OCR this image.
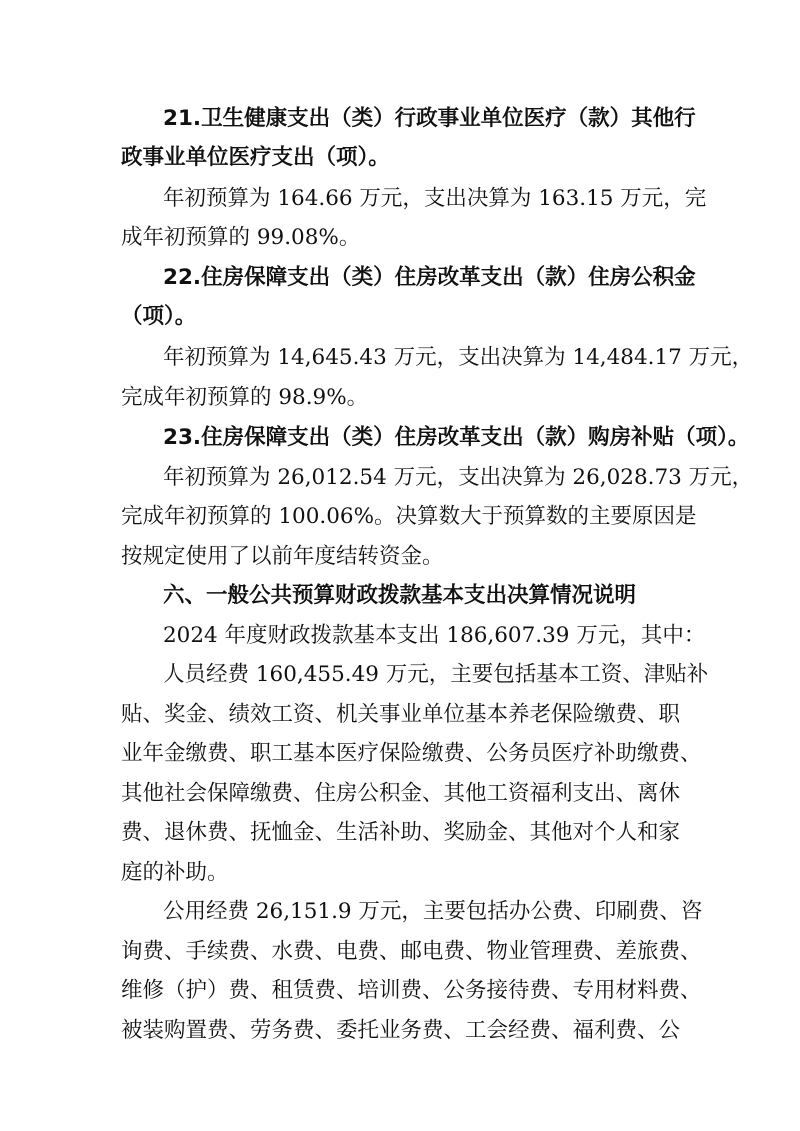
21.卫生健康支出（类）行政事业单位医疗（款）其他行
政事业单位医疗支出（项）。
年初预算为 164.66 万元，支出决算为 163.15 万元，完
成年初预算的 99.08%。
22.住房保障支出（类）住房改革支出（款）住房公积金
（项）。
年初预算为 14,645.43 万元，支出决算为 14,484.17 万元，
完成年初预算的 98.9%。
23.住房保障支出（类）住房改革支出（款）购房补贴（项）。
年初预算为 26,012.54 万元，支出决算为 26,028.73 万元，
完成年初预算的 100.06%。决算数大于预算数的主要原因是
按规定使用了以前年度结转资金。
六、一般公共预算财政拨款基本支出决算情况说明
2024 年度财政拨款基本支出 186,607.39 万元，其中：
人员经费 160,455.49 万元，主要包括基本工资、津贴补
贴、奖金、绩效工资、机关事业单位基本养老保险缴费、职
业年金缴费、职工基本医疗保险缴费、公务员医疗补助缴费、
其他社会保障缴费、住房公积金、其他工资福利支出、离休
费、退休费、抚恤金、生活补助、奖励金、其他对个人和家
庭的补助。
公用经费 26,151.9 万元，主要包括办公费、印刷费、咨
询费、手续费、水费、电费、邮电费、物业管理费、差旅费、
维修（护）费、租赁费、培训费、公务接待费、专用材料费、
被装购置费、劳务费、委托业务费、工会经费、福利费、公
